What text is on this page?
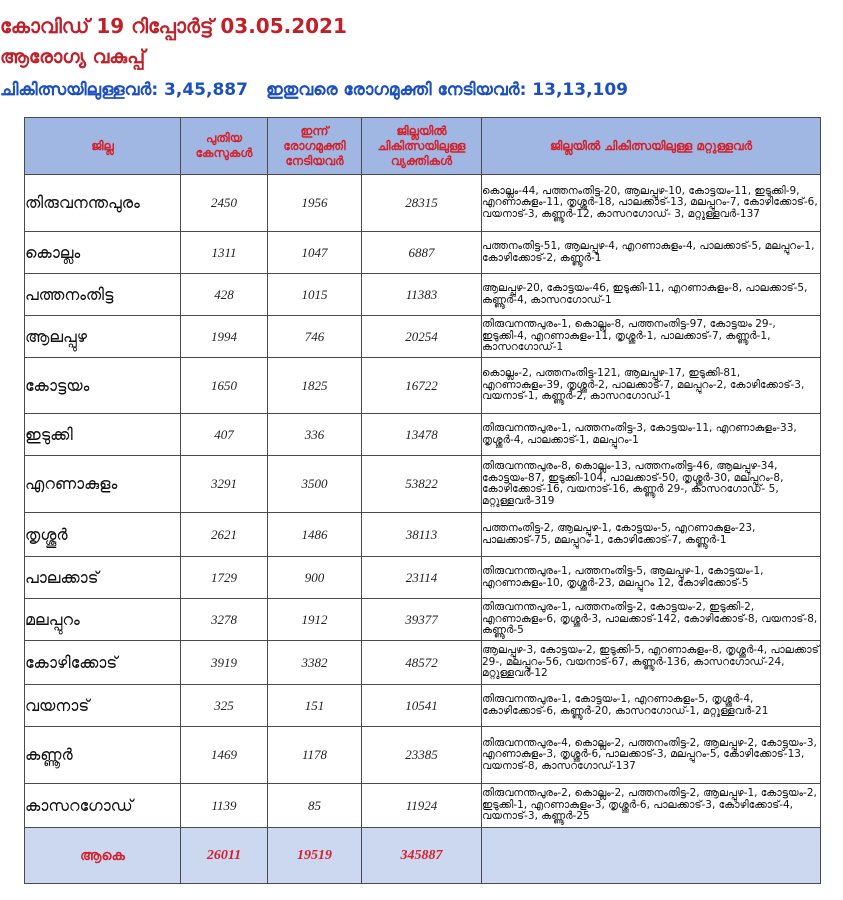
കോവിഡ് 19 റിപ്പോർട്ട് 03.05.2021
ആരോഗ്യ വകുപ്പ്
ചികിത്സയിലുള്ളവർ: 3,45,887 ഇതുവരെ രോഗമുക്തി നേടിയവർ: 13,13,109
ജില്ല	പുതിയ കേസുകൾ	ഇന്ന് രോഗമുക്തി നേടിയവർ	ജില്ലയിൽ ചികിത്സയിലുള്ള വ്യക്തികൾ	ജില്ലയിൽ ചികിത്സയിലുള്ള മറ്റുള്ളവർ
തിരുവനന്തപുരം	2450	1956	28315	കൊല്ലം-44, പത്തനംതിട്ട-20, ആലപ്പുഴ-10, കോട്ടയം-11, ഇടുക്കി-9, എറണാകുളം-11, തൃശ്ശൂർ-18, പാലക്കാട്-13, മലപ്പുറം-7, കോഴിക്കോട്-6, വയനാട്-3, കണ്ണൂർ-12, കാസറഗോഡ്- 3, മറ്റുള്ളവർ-137
കൊല്ലം	1311	1047	6887	പത്തനംതിട്ട-51, ആലപ്പുഴ-4, എറണാകുളം-4, പാലക്കാട്-5, മലപ്പുറം-1, കോഴിക്കോട്-2, കണ്ണൂർ-1
പത്തനംതിട്ട	428	1015	11383	ആലപ്പുഴ-20, കോട്ടയം-46, ഇടുക്കി-11, എറണാകുളം-8, പാലക്കാട്-5, കണ്ണൂർ-4, കാസറഗോഡ്-1
ആലപ്പുഴ	1994	746	20254	തിരുവനന്തപുരം-1, കൊല്ലം-8, പത്തനംതിട്ട-97, കോട്ടയം 29-, ഇടുക്കി-4, എറണാകുളം-11, തൃശ്ശൂർ-1, പാലക്കാട്-7, കണ്ണൂർ-1, കാസറഗോഡ്-1
കോട്ടയം	1650	1825	16722	കൊല്ലം-2, പത്തനംതിട്ട-121, ആലപ്പുഴ-17, ഇടുക്കി-81, എറണാകുളം-39, തൃശ്ശൂർ-2, പാലക്കാട്-7, മലപ്പുറം-2, കോഴിക്കോട്-3, വയനാട്-1, കണ്ണൂർ-2, കാസറഗോഡ്-1
ഇടുക്കി	407	336	13478	തിരുവനന്തപുരം-1, പത്തനംതിട്ട-3, കോട്ടയം-11, എറണാകുളം-33, തൃശ്ശൂർ-4, പാലക്കാട്-1, മലപ്പുറം-1
എറണാകുളം	3291	3500	53822	തിരുവനന്തപുരം-8, കൊല്ലം-13, പത്തനംതിട്ട-46, ആലപ്പുഴ-34, കോട്ടയം-87, ഇടുക്കി-104, പാലക്കാട്-50, തൃശ്ശൂർ-30, മലപ്പുറം-8, കോഴിക്കോട്-16, വയനാട്-16, കണ്ണൂർ 29-, കാസറഗോഡ്- 5, മറ്റുള്ളവർ-319
തൃശ്ശൂർ	2621	1486	38113	പത്തനംതിട്ട-2, ആലപ്പുഴ-1, കോട്ടയം-5, എറണാകുളം-23, പാലക്കാട്-75, മലപ്പുറം-1, കോഴിക്കോട്-7, കണ്ണൂർ-1
പാലക്കാട്	1729	900	23114	തിരുവനന്തപുരം-1, പത്തനംതിട്ട-5, ആലപ്പുഴ-1, കോട്ടയം-1, എറണാകുളം-10, തൃശ്ശൂർ-23, മലപ്പുറം 12, കോഴിക്കോട്-5
മലപ്പുറം	3278	1912	39377	തിരുവനന്തപുരം-1, പത്തനംതിട്ട-2, കോട്ടയം-2, ഇടുക്കി-2, എറണാകുളം-6, തൃശ്ശൂർ-3, പാലക്കാട്-142, കോഴിക്കോട്-8, വയനാട്-8, കണ്ണൂർ-5
കോഴിക്കോട്	3919	3382	48572	ആലപ്പുഴ-3, കോട്ടയം-2, ഇടുക്കി-5, എറണാകുളം-8, തൃശ്ശൂർ-4, പാലക്കാട് 29-, മലപ്പുറം-56, വയനാട്-67, കണ്ണൂർ-136, കാസറഗോഡ്-24, മറ്റുള്ളവർ-12
വയനാട്	325	151	10541	തിരുവനന്തപുരം-1, കോട്ടയം-1, എറണാകുളം-5, തൃശ്ശൂർ-4, കോഴിക്കോട്-6, കണ്ണൂർ-20, കാസറഗോഡ്-1, മറ്റുള്ളവർ-21
കണ്ണൂർ	1469	1178	23385	തിരുവനന്തപുരം-4, കൊല്ലം-2, പത്തനംതിട്ട-2, ആലപ്പുഴ-2, കോട്ടയം-3, എറണാകുളം-3, തൃശ്ശൂർ-6, പാലക്കാട്-3, മലപ്പുറം-5, കോഴിക്കോട്-13, വയനാട്-8, കാസറഗോഡ്-137
കാസറഗോഡ്	1139	85	11924	തിരുവനന്തപുരം-2, കൊല്ലം-2, പത്തനംതിട്ട-2, ആലപ്പുഴ-1, കോട്ടയം-2, ഇടുക്കി-1, എറണാകുളം-3, തൃശ്ശൂർ-6, പാലക്കാട്-3, കോഴിക്കോട്-4, വയനാട്-3, കണ്ണൂർ-25
ആകെ	26011	19519	345887	
